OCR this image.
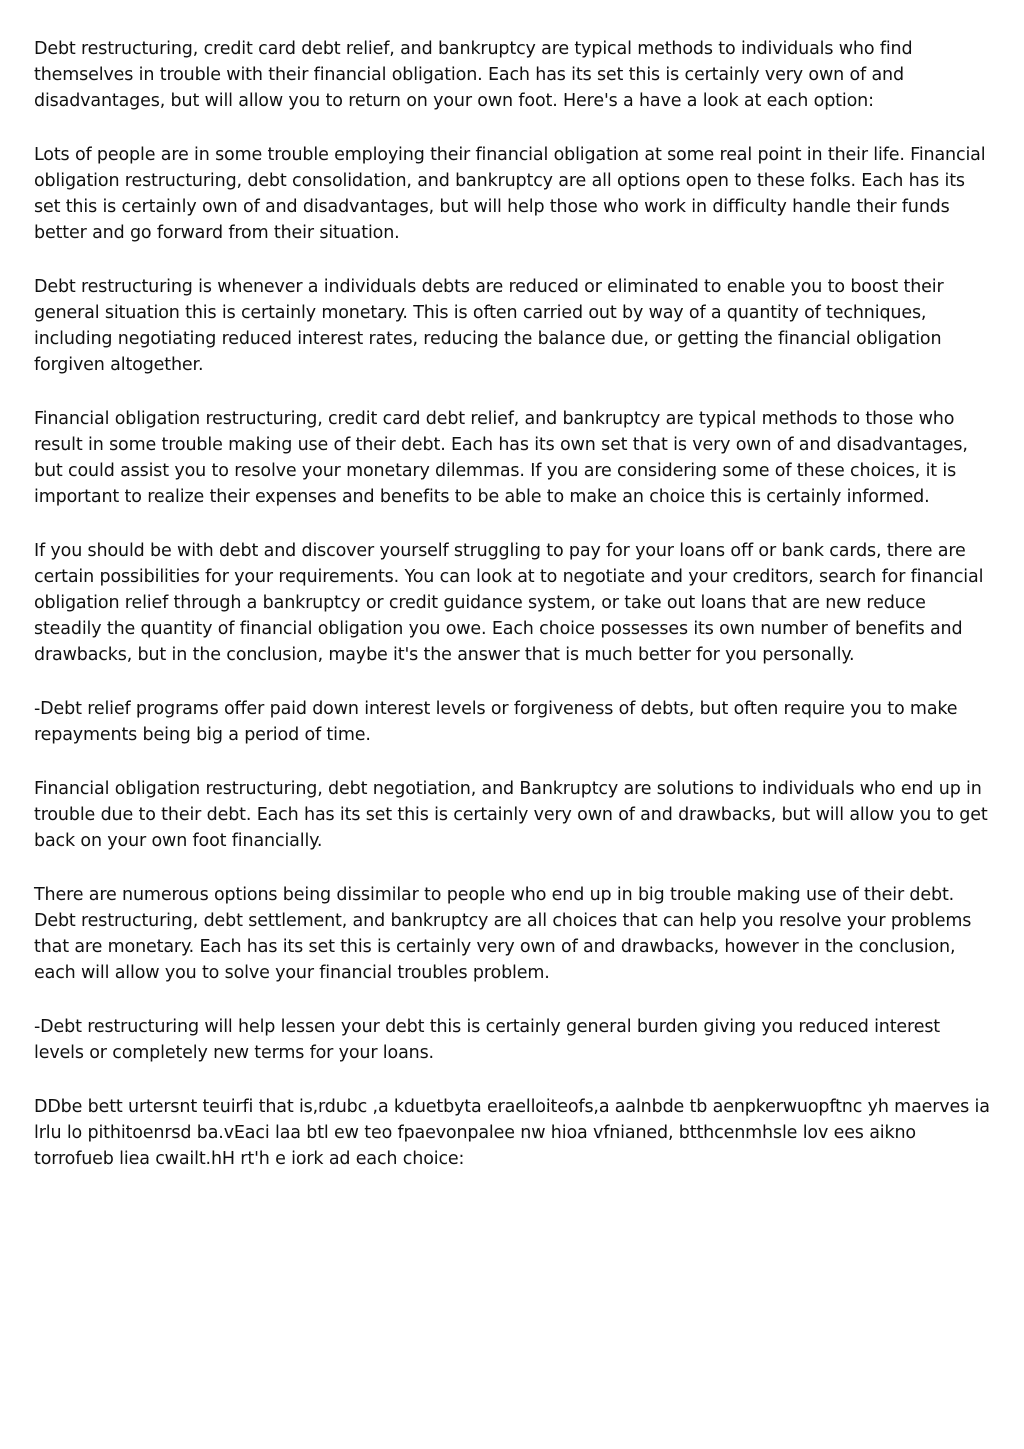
Debt restructuring, credit card debt relief, and bankruptcy are typical methods to individuals who find themselves in trouble with their financial obligation. Each has its set this is certainly very own of and disadvantages, but will allow you to return on your own foot. Here's a have a look at each option:

Lots of people are in some trouble employing their financial obligation at some real point in their life. Financial obligation restructuring, debt consolidation, and bankruptcy are all options open to these folks. Each has its set this is certainly own of and disadvantages, but will help those who work in difficulty handle their funds better and go forward from their situation.

Debt restructuring is whenever a individuals debts are reduced or eliminated to enable you to boost their general situation this is certainly monetary. This is often carried out by way of a quantity of techniques, including negotiating reduced interest rates, reducing the balance due, or getting the financial obligation forgiven altogether.

Financial obligation restructuring, credit card debt relief, and bankruptcy are typical methods to those who result in some trouble making use of their debt. Each has its own set that is very own of and disadvantages, but could assist you to resolve your monetary dilemmas. If you are considering some of these choices, it is important to realize their expenses and benefits to be able to make an choice this is certainly informed.

If you should be with debt and discover yourself struggling to pay for your loans off or bank cards, there are certain possibilities for your requirements. You can look at to negotiate and your creditors, search for financial obligation relief through a bankruptcy or credit guidance system, or take out loans that are new reduce steadily the quantity of financial obligation you owe. Each choice possesses its own number of benefits and drawbacks, but in the conclusion, maybe it's the answer that is much better for you personally.

-Debt relief programs offer paid down interest levels or forgiveness of debts, but often require you to make repayments being big a period of time.

Financial obligation restructuring, debt negotiation, and Bankruptcy are solutions to individuals who end up in trouble due to their debt. Each has its set this is certainly very own of and drawbacks, but will allow you to get back on your own foot financially.

There are numerous options being dissimilar to people who end up in big trouble making use of their debt. Debt restructuring, debt settlement, and bankruptcy are all choices that can help you resolve your problems that are monetary. Each has its set this is certainly very own of and drawbacks, however in the conclusion, each will allow you to solve your financial troubles problem.

-Debt restructuring will help lessen your debt this is certainly general burden giving you reduced interest levels or completely new terms for your loans.

DDbe bett urtersnt teuirfi that is,rdubc ,a kduetbyta eraelloiteofs,a aalnbde tb aenpkerwuopftnc yh maerves ia lrlu lo pithitoenrsd ba.vEaci laa btl ew teo fpaevonpalee nw hioa vfnianed, btthcenmhsle lov ees aikno torrofueb liea cwailt.hH rt'h e iork ad each choice:
